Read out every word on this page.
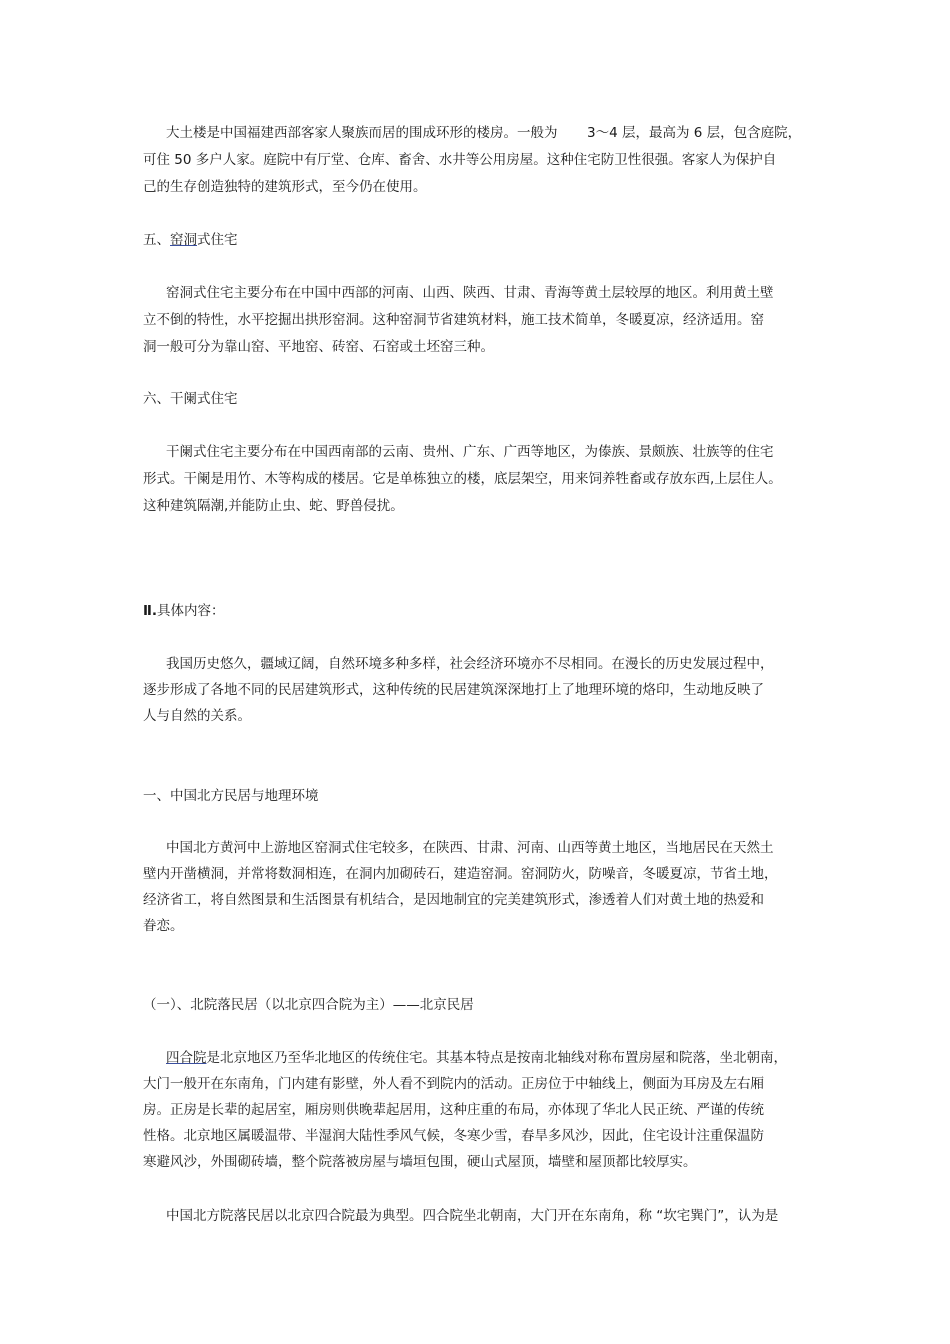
大土楼是中国福建西部客家人聚族而居的围成环形的楼房。一般为 3～4 层，最高为 6 层，包含庭院，
可住 50 多户人家。庭院中有厅堂、仓库、畜舍、水井等公用房屋。这种住宅防卫性很强。客家人为保护自
己的生存创造独特的建筑形式，至今仍在使用。
五、窑洞式住宅
窑洞式住宅主要分布在中国中西部的河南、山西、陕西、甘肃、青海等黄土层较厚的地区。利用黄土壁
立不倒的特性，水平挖掘出拱形窑洞。这种窑洞节省建筑材料，施工技术简单，冬暖夏凉，经济适用。窑
洞一般可分为靠山窑、平地窑、砖窑、石窑或土坯窑三种。
六、干阑式住宅
干阑式住宅主要分布在中国西南部的云南、贵州、广东、广西等地区，为傣族、景颇族、壮族等的住宅
形式。干阑是用竹、木等构成的楼居。它是单栋独立的楼，底层架空，用来饲养牲畜或存放东西,上层住人。
这种建筑隔潮,并能防止虫、蛇、野兽侵扰。
Ⅱ.具体内容：
我国历史悠久，疆域辽阔，自然环境多种多样，社会经济环境亦不尽相同。在漫长的历史发展过程中，
逐步形成了各地不同的民居建筑形式，这种传统的民居建筑深深地打上了地理环境的烙印，生动地反映了
人与自然的关系。
一、中国北方民居与地理环境
中国北方黄河中上游地区窑洞式住宅较多，在陕西、甘肃、河南、山西等黄土地区，当地居民在天然土
壁内开凿横洞，并常将数洞相连，在洞内加砌砖石，建造窑洞。窑洞防火，防噪音，冬暖夏凉，节省土地，
经济省工，将自然图景和生活图景有机结合，是因地制宜的完美建筑形式，渗透着人们对黄土地的热爱和
眷恋。
（一）、北院落民居（以北京四合院为主）——北京民居
四合院是北京地区乃至华北地区的传统住宅。其基本特点是按南北轴线对称布置房屋和院落，坐北朝南，
大门一般开在东南角，门内建有影壁，外人看不到院内的活动。正房位于中轴线上，侧面为耳房及左右厢
房。正房是长辈的起居室，厢房则供晚辈起居用，这种庄重的布局，亦体现了华北人民正统、严谨的传统
性格。北京地区属暖温带、半湿润大陆性季风气候，冬寒少雪，春旱多风沙，因此，住宅设计注重保温防
寒避风沙，外围砌砖墙，整个院落被房屋与墙垣包围，硬山式屋顶，墙壁和屋顶都比较厚实。
中国北方院落民居以北京四合院最为典型。四合院坐北朝南，大门开在东南角，称 “坎宅巽门”，认为是
